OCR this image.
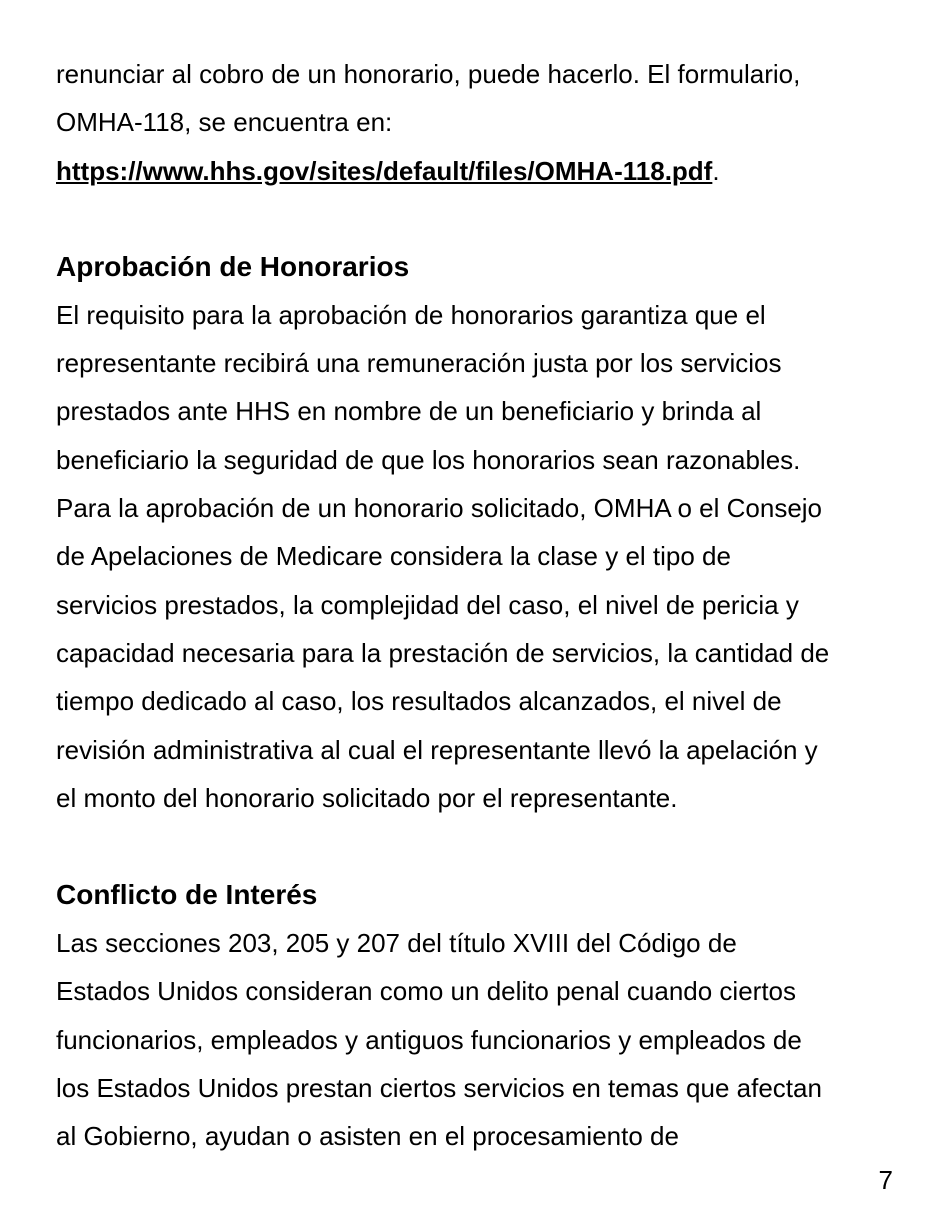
renunciar al cobro de un honorario, puede hacerlo. El formulario,

OMHA-118, se encuentra en:

https://www.hhs.gov/sites/default/files/OMHA-118.pdf.

Aprobación de Honorarios

El requisito para la aprobación de honorarios garantiza que el

representante recibirá una remuneración justa por los servicios

prestados ante HHS en nombre de un beneficiario y brinda al

beneficiario la seguridad de que los honorarios sean razonables.

Para la aprobación de un honorario solicitado, OMHA o el Consejo

de Apelaciones de Medicare considera la clase y el tipo de

servicios prestados, la complejidad del caso, el nivel de pericia y

capacidad necesaria para la prestación de servicios, la cantidad de

tiempo dedicado al caso, los resultados alcanzados, el nivel de

revisión administrativa al cual el representante llevó la apelación y

el monto del honorario solicitado por el representante.

Conflicto de Interés

Las secciones 203, 205 y 207 del título XVIII del Código de

Estados Unidos consideran como un delito penal cuando ciertos

funcionarios, empleados y antiguos funcionarios y empleados de

los Estados Unidos prestan ciertos servicios en temas que afectan

al Gobierno, ayudan o asisten en el procesamiento de

7
